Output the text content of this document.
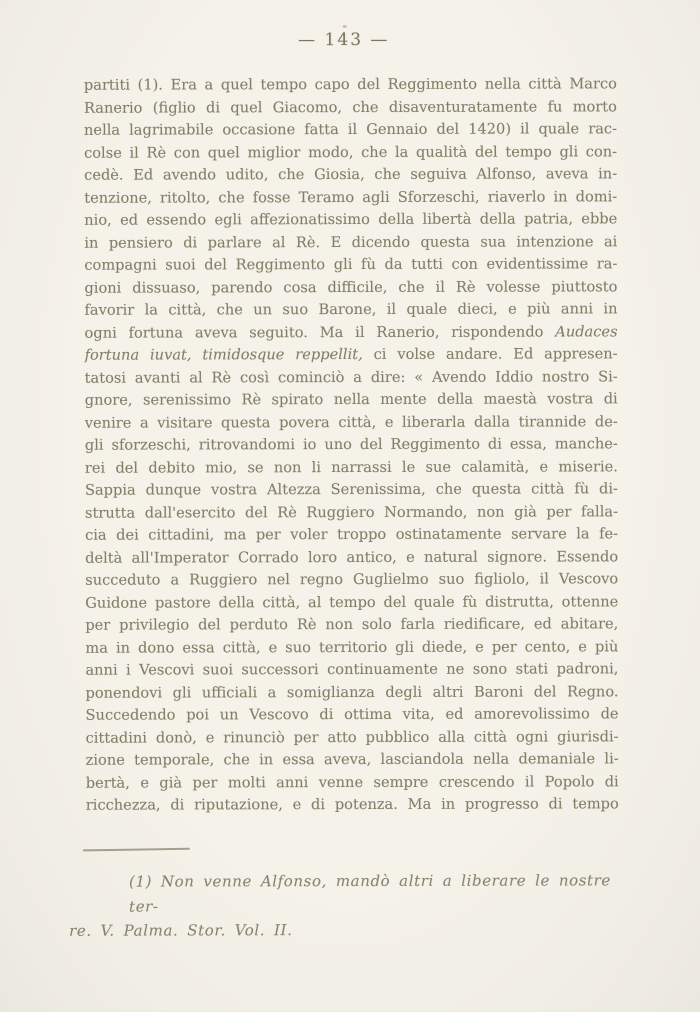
— 143 —
partiti (1). Era a quel tempo capo del Reggimento nella città Marco
Ranerio (figlio di quel Giacomo, che disaventuratamente fu morto
nella lagrimabile occasione fatta il Gennaio del 1420) il quale rac-
colse il Rè con quel miglior modo, che la qualità del tempo gli con-
cedè. Ed avendo udito, che Giosia, che seguiva Alfonso, aveva in-
tenzione, ritolto, che fosse Teramo agli Sforzeschi, riaverlo in domi-
nio, ed essendo egli affezionatissimo della libertà della patria, ebbe
in pensiero di parlare al Rè. E dicendo questa sua intenzione ai
compagni suoi del Reggimento gli fù da tutti con evidentissime ra-
gioni dissuaso, parendo cosa difficile, che il Rè volesse piuttosto
favorir la città, che un suo Barone, il quale dieci, e più anni in
ogni fortuna aveva seguito. Ma il Ranerio, rispondendo Audaces
fortuna iuvat, timidosque reppellit, ci volse andare. Ed appresen-
tatosi avanti al Rè così cominciò a dire: « Avendo Iddio nostro Si-
gnore, serenissimo Rè spirato nella mente della maestà vostra di
venire a visitare questa povera città, e liberarla dalla tirannide de-
gli sforzeschi, ritrovandomi io uno del Reggimento di essa, manche-
rei del debito mio, se non li narrassi le sue calamità, e miserie.
Sappia dunque vostra Altezza Serenissima, che questa città fù di-
strutta dall'esercito del Rè Ruggiero Normando, non già per falla-
cia dei cittadini, ma per voler troppo ostinatamente servare la fe-
deltà all'Imperator Corrado loro antico, e natural signore. Essendo
succeduto a Ruggiero nel regno Guglielmo suo figliolo, il Vescovo
Guidone pastore della città, al tempo del quale fù distrutta, ottenne
per privilegio del perduto Rè non solo farla riedificare, ed abitare,
ma in dono essa città, e suo territorio gli diede, e per cento, e più
anni i Vescovi suoi successori continuamente ne sono stati padroni,
ponendovi gli ufficiali a somiglianza degli altri Baroni del Regno.
Succedendo poi un Vescovo di ottima vita, ed amorevolissimo de
cittadini donò, e rinunciò per atto pubblico alla città ogni giurisdi-
zione temporale, che in essa aveva, lasciandola nella demaniale li-
bertà, e già per molti anni venne sempre crescendo il Popolo di
ricchezza, di riputazione, e di potenza. Ma in progresso di tempo
(1) Non venne Alfonso, mandò altri a liberare le nostre ter-
re. V. Palma. Stor. Vol. II.
